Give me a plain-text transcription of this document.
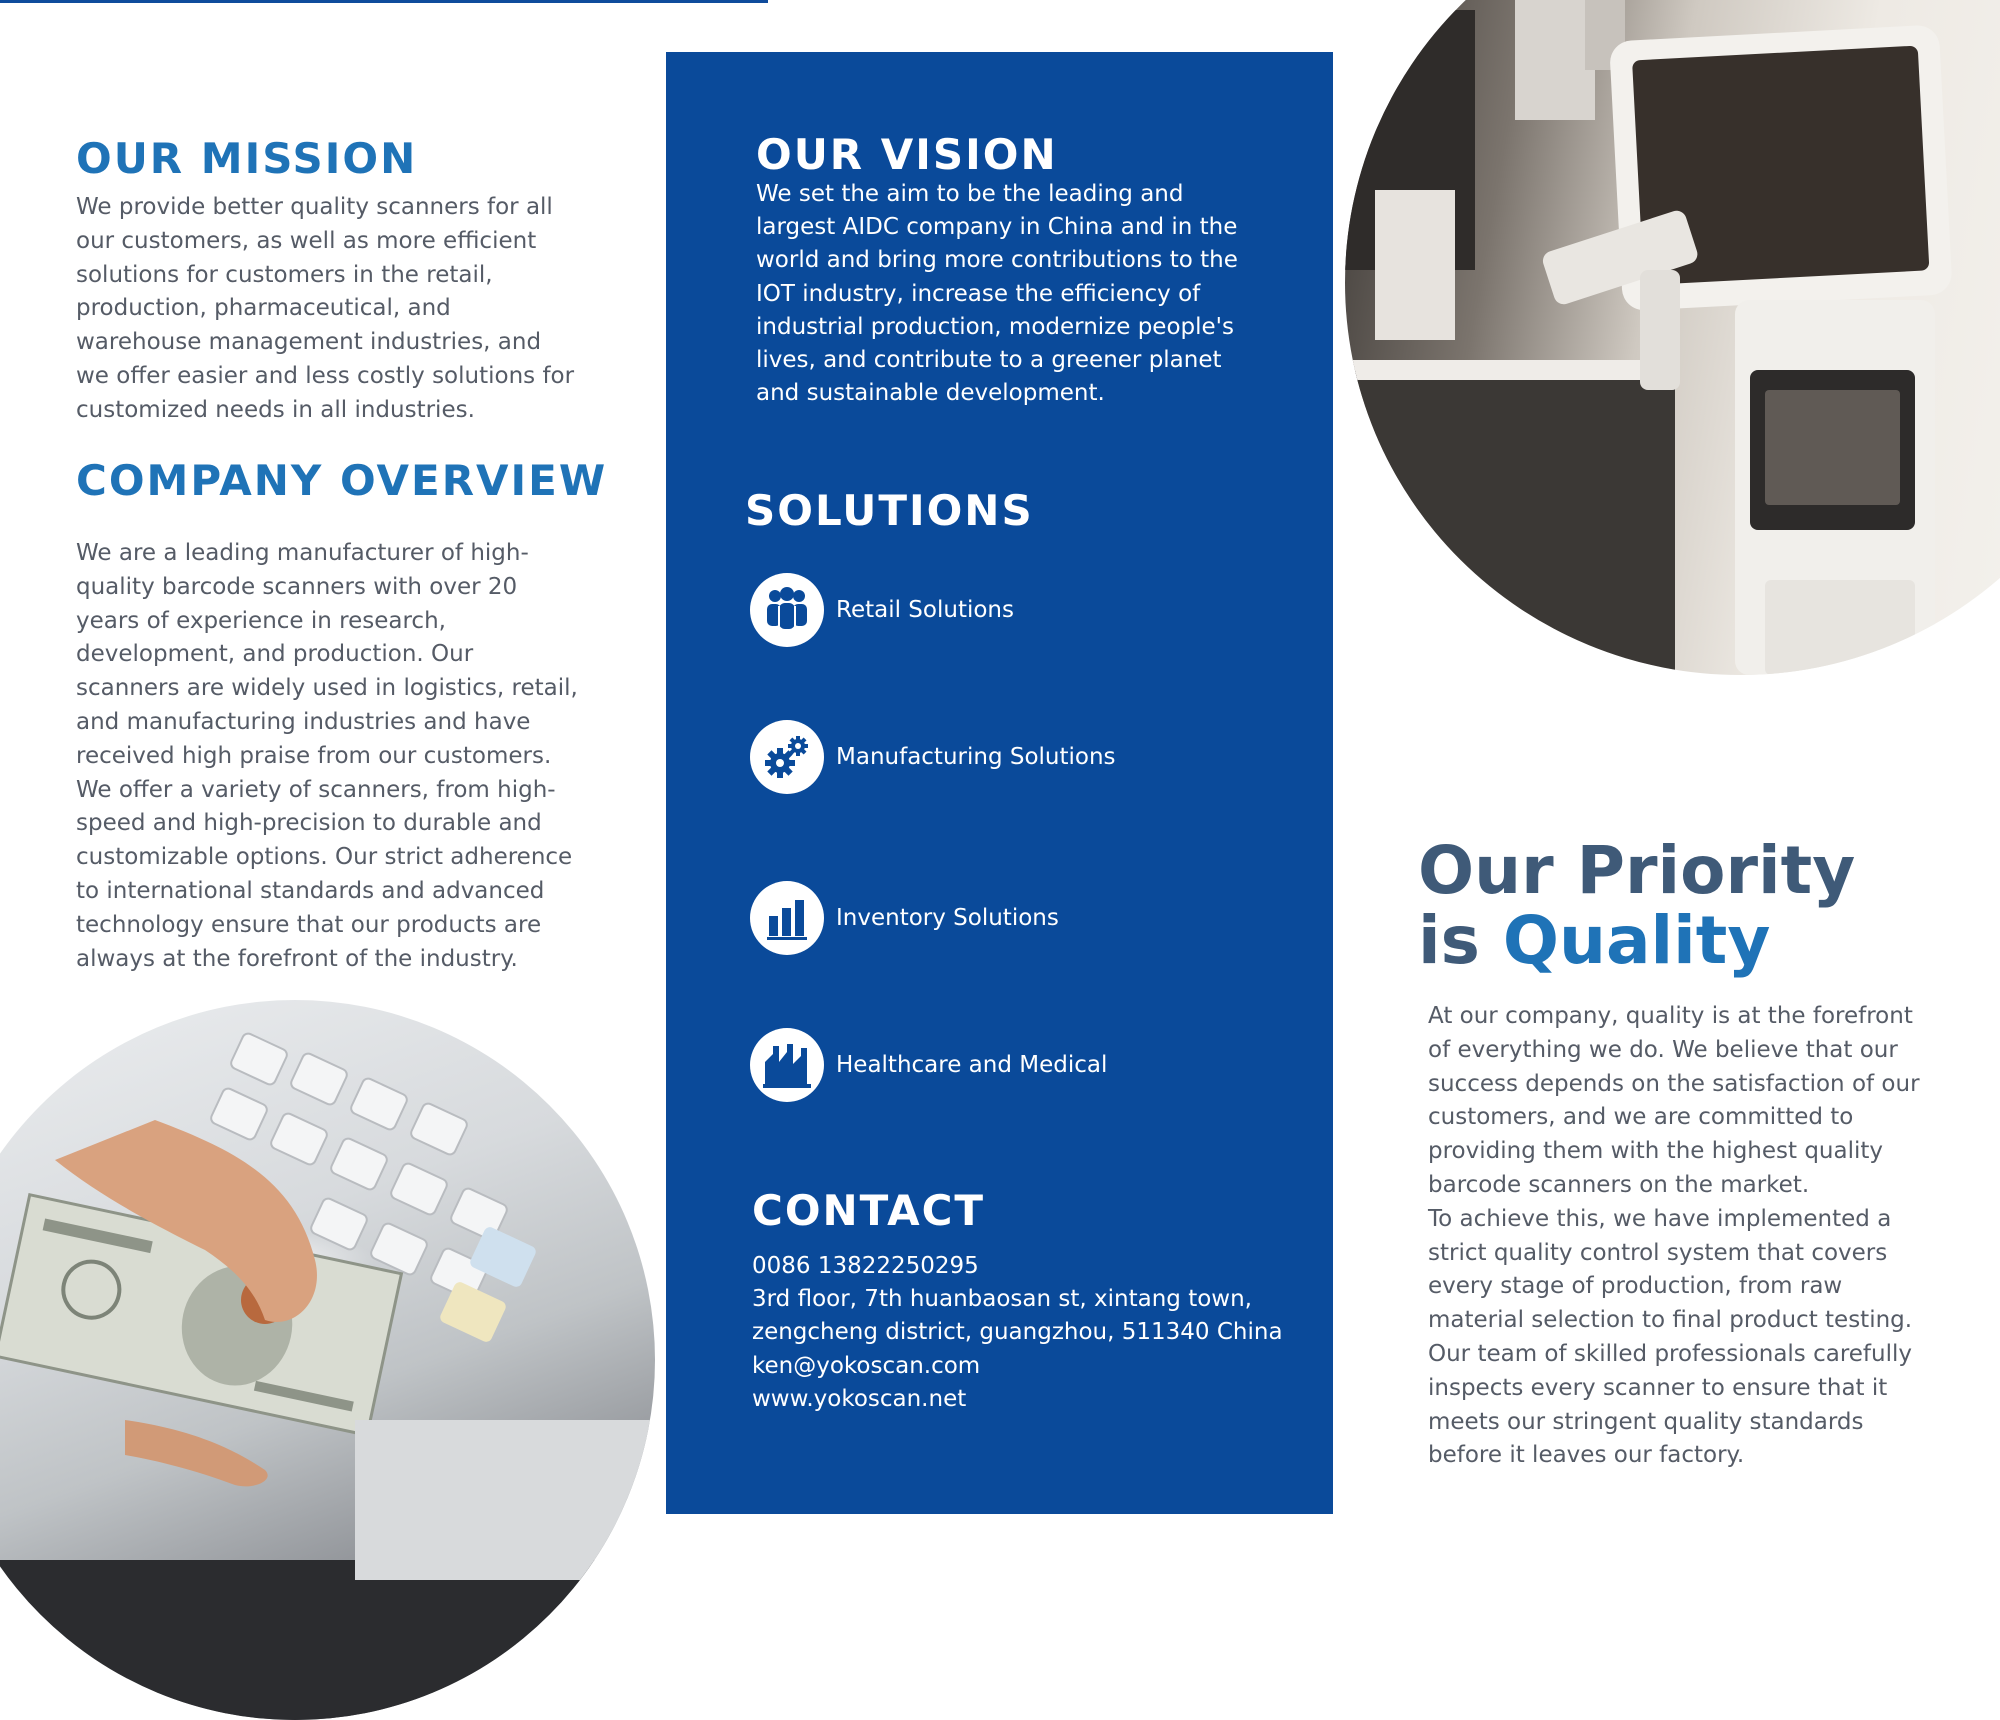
OUR MISSION

We provide better quality scanners for all
our customers, as well as more efficient
solutions for customers in the retail,
production, pharmaceutical, and
warehouse management industries, and
we offer easier and less costly solutions for
customized needs in all industries.

COMPANY OVERVIEW

We are a leading manufacturer of high-
quality barcode scanners with over 20
years of experience in research,
development, and production. Our
scanners are widely used in logistics, retail,
and manufacturing industries and have
received high praise from our customers.
We offer a variety of scanners, from high-
speed and high-precision to durable and
customizable options. Our strict adherence
to international standards and advanced
technology ensure that our products are
always at the forefront of the industry.

OUR VISION

We set the aim to be the leading and
largest AIDC company in China and in the
world and bring more contributions to the
IOT industry, increase the efficiency of
industrial production, modernize people's
lives, and contribute to a greener planet
and sustainable development.

SOLUTIONS
Retail Solutions
Manufacturing Solutions
Inventory Solutions
Healthcare and Medical
CONTACT
0086 13822250295
3rd floor, 7th huanbaosan st, xintang town,
zengcheng district, guangzhou, 511340 China
ken@yokoscan.com
www.yokoscan.net
Our Priority
is Quality

At our company, quality is at the forefront
of everything we do. We believe that our
success depends on the satisfaction of our
customers, and we are committed to
providing them with the highest quality
barcode scanners on the market.
To achieve this, we have implemented a
strict quality control system that covers
every stage of production, from raw
material selection to final product testing.
Our team of skilled professionals carefully
inspects every scanner to ensure that it
meets our stringent quality standards
before it leaves our factory.
